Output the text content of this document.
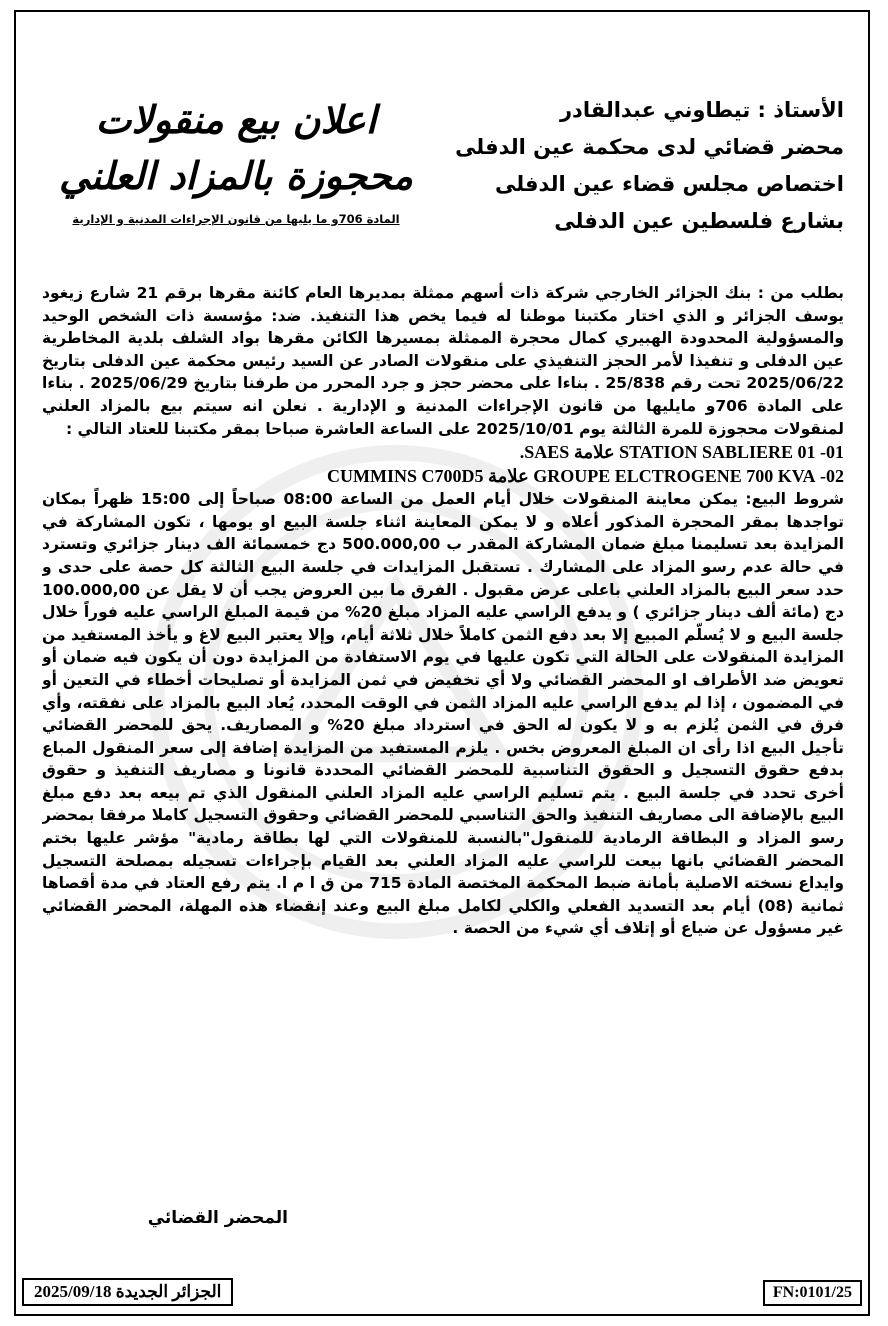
الأستاذ : تيطاوني عبدالقادر
محضر قضائي لدى محكمة عين الدفلى
اختصاص مجلس قضاء عين الدفلى
بشارع فلسطين عين الدفلى
اعلان بيع منقولات
محجوزة بالمزاد العلني
المادة 706و ما يليها من قانون الإجراءات المدنية و الإدارية

بطلب من : بنك الجزائر الخارجي شركة ذات أسهم ممثلة بمديرها العام كائنة مقرها برقم 21 شارع زيغود يوسف الجزائر و الذي اختار مكتبنا موطنا له فيما يخص هذا التنفيذ. ضد: مؤسسة ذات الشخص الوحيد والمسؤولية المحدودة الهبيري كمال محجرة الممثلة بمسيرها الكائن مقرها بواد الشلف بلدية المخاطرية عين الدفلى و تنفيذا لأمر الحجز التنفيذي على منقولات الصادر عن السيد رئيس محكمة عين الدفلى بتاريخ 2025/06/22 تحت رقم 25/838 . بناءا على محضر حجز و جرد المحرر من طرفنا بتاريخ 2025/06/29 . بناءا على المادة 706و مايليها من قانون الإجراءات المدنية و الإدارية . نعلن انه سيتم بيع بالمزاد العلني لمنقولات محجوزة للمرة الثالثة يوم 2025/10/01 على الساعة العاشرة صباحا بمقر مكتبنا للعتاد التالي :

01- STATION SABLIERE 01 علامة SAES.
02- GROUPE ELCTROGENE 700 KVA علامة CUMMINS C700D5

شروط البيع: يمكن معاينة المنقولات خلال أيام العمل من الساعة 08:00 صباحاً إلى 15:00 ظهراً بمكان تواجدها بمقر المحجرة المذكور أعلاه و لا يمكن المعاينة اثناء جلسة البيع او يومها ، تكون المشاركة في المزايدة بعد تسليمنا مبلغ ضمان المشاركة المقدر ب 500.000,00 دج خمسمائة الف دينار جزائري وتسترد في حالة عدم رسو المزاد على المشارك . تستقبل المزايدات في جلسة البيع الثالثة كل حصة على حدى و حدد سعر البيع بالمزاد العلني باعلى عرض مقبول . الفرق ما بين العروض يجب أن لا يقل عن 100.000,00 دج (مائة ألف دينار جزائري ) و يدفع الراسي عليه المزاد مبلغ 20% من قيمة المبلغ الراسي عليه فوراً خلال جلسة البيع و لا يُسلّم المبيع إلا بعد دفع الثمن كاملاً خلال ثلاثة أيام، وإلا يعتبر البيع لاغ و يأخذ المستفيد من المزايدة المنقولات على الحالة التي تكون عليها في يوم الاستفادة من المزايدة دون أن يكون فيه ضمان أو تعويض ضد الأطراف او المحضر القضائي ولا أي تخفيض في ثمن المزايدة أو تصليحات أخطاء في التعين أو في المضمون ، إذا لم يدفع الراسي عليه المزاد الثمن في الوقت المحدد، يُعاد البيع بالمزاد على نفقته، وأي فرق في الثمن يُلزم به و لا يكون له الحق في استرداد مبلغ 20% و المصاريف. يحق للمحضر القضائي تأجيل البيع اذا رأى ان المبلغ المعروض بخس . يلزم المستفيد من المزايدة إضافة إلى سعر المنقول المباع بدفع حقوق التسجيل و الحقوق التناسبية للمحضر القضائي المحددة قانونا و مصاريف التنفيذ و حقوق أخرى تحدد في جلسة البيع . يتم تسليم الراسي عليه المزاد العلني المنقول الذي تم بيعه بعد دفع مبلغ البيع بالإضافة الى مصاريف التنفيذ والحق التناسبي للمحضر القضائي وحقوق التسجيل كاملا مرفقا بمحضر رسو المزاد و البطاقة الرمادية للمنقول"بالنسبة للمنقولات التي لها بطاقة رمادية" مؤشر عليها بختم المحضر القضائي بانها بيعت للراسي عليه المزاد العلني بعد القيام بإجراءات تسجيله بمصلحة التسجيل وايداع نسخته الاصلية بأمانة ضبط المحكمة المختصة المادة 715 من ق ا م ا. يتم رفع العتاد في مدة أقصاها ثمانية (08) أيام بعد التسديد الفعلي والكلي لكامل مبلغ البيع وعند إنقضاء هذه المهلة، المحضر القضائي غير مسؤول عن ضياع أو إتلاف أي شيء من الحصة .

المحضر القضائي
الجزائر الجديدة 2025/09/18	FN:0101/25
